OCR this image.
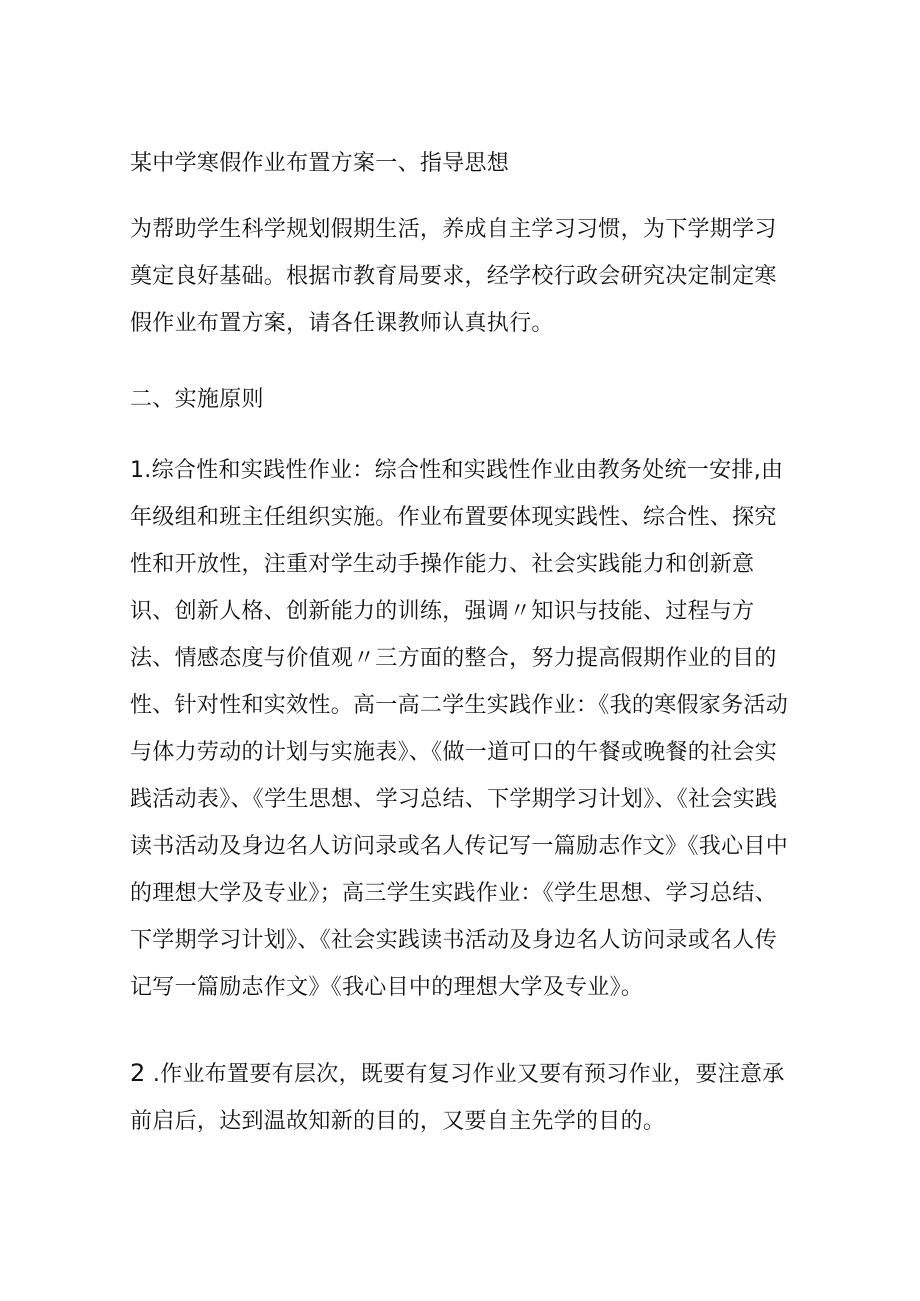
某中学寒假作业布置方案一、指导思想

为帮助学生科学规划假期生活，养成自主学习习惯，为下学期学习奠定良好基础。根据市教育局要求，经学校行政会研究决定制定寒假作业布置方案，请各任课教师认真执行。

二、实施原则

1.综合性和实践性作业：综合性和实践性作业由教务处统一安排,由年级组和班主任组织实施。作业布置要体现实践性、综合性、探究性和开放性，注重对学生动手操作能力、社会实践能力和创新意识、创新人格、创新能力的训练，强调〃知识与技能、过程与方法、情感态度与价值观〃三方面的整合，努力提高假期作业的目的性、针对性和实效性。高一高二学生实践作业：《我的寒假家务活动与体力劳动的计划与实施表》、《做一道可口的午餐或晚餐的社会实践活动表》、《学生思想、学习总结、下学期学习计划》、《社会实践读书活动及身边名人访问录或名人传记写一篇励志作文》《我心目中的理想大学及专业》；高三学生实践作业：《学生思想、学习总结、下学期学习计划》、《社会实践读书活动及身边名人访问录或名人传记写一篇励志作文》《我心目中的理想大学及专业》。

2 .作业布置要有层次，既要有复习作业又要有预习作业，要注意承前启后，达到温故知新的目的，又要自主先学的目的。
